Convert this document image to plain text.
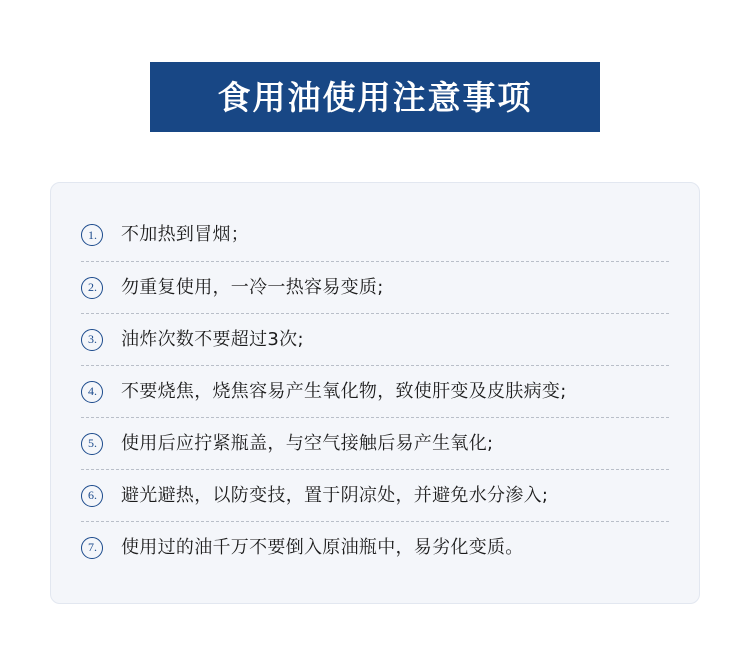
食用油使用注意事项
1.	不加热到冒烟；
2.	勿重复使用，一冷一热容易变质;
3.	油炸次数不要超过3次;
4.	不要烧焦，烧焦容易产生氧化物，致使肝变及皮肤病变;
5.	使用后应拧紧瓶盖，与空气接触后易产生氧化;
6.	避光避热，以防变技，置于阴凉处，并避免水分渗入;
7.	使用过的油千万不要倒入原油瓶中，易劣化变质。
